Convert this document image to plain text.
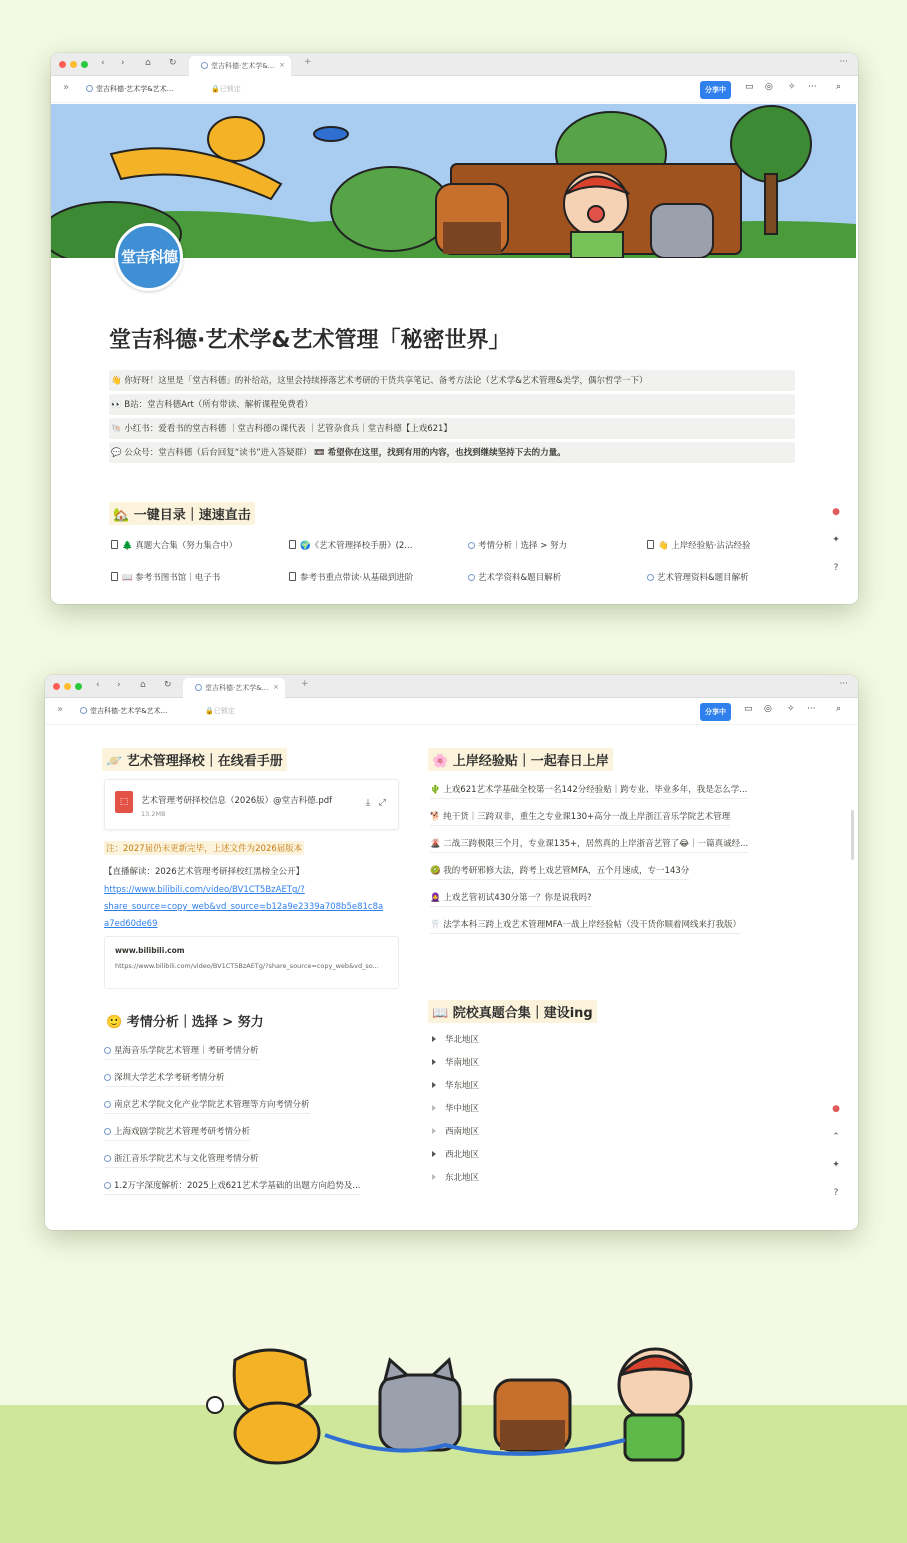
‹ › ⌂ ↻	堂吉科德·艺术学&... × +	···
»	堂吉科德·艺术学&艺术...	🔒已锁定	分享中	▭ ◎ ✧ ··· ⌕
堂吉科德
堂吉科德·艺术学&艺术管理「秘密世界」
👋 你好呀！这里是「堂吉科德」的补给站，这里会持续捧落艺术考研的干货共享笔记、备考方法论（艺术学&艺术管理&美学，偶尔哲学一下）
👀 B站：堂吉科德Art（所有带读、解析课程免费看）
🐚 小红书：爱看书的堂吉科德 ｜堂吉科德の课代表 ｜艺管杂食兵｜堂吉科德【上戏621】
💬 公众号：堂吉科德（后台回复“读书”进入答疑群） 📼 希望你在这里，找到有用的内容，也找到继续坚持下去的力量。
🏡 一键目录｜速速直击
🌲 真题大合集（努力集合中）	🌍《艺术管理择校手册》(2...	考情分析｜选择 > 努力	👋 上岸经验贴·沾沾经验
📖 参考书图书馆｜电子书	参考书重点带读·从基础到进阶	艺术学资料&题目解析	艺术管理资料&题目解析
●
✦
?
‹ › ⌂ ↻	堂吉科德·艺术学&... × +	···
»	堂吉科德·艺术学&艺术...	🔒已锁定	分享中	▭ ◎ ✧ ··· ⌕
🪐 艺术管理择校｜在线看手册
⬚	艺术管理考研择校信息（2026版）@堂吉科德.pdf
13.2MB
⤓ ⤢
注：2027届仍未更新完毕，上述文件为2026届版本
【直播解读：2026艺术管理考研择校红黑榜全公开】
https://www.bilibili.com/video/BV1CT5BzAETg/?
share_source=copy_web&vd_source=b12a9e2339a708b5e81c8a
a7ed60de69
www.bilibili.com
https://www.bilibili.com/video/BV1CT5BzAETg/?share_source=copy_web&vd_so...
🙂 考情分析｜选择 > 努力
星海音乐学院艺术管理｜考研考情分析
深圳大学艺术学考研考情分析
南京艺术学院文化产业学院艺术管理等方向考情分析
上海戏剧学院艺术管理考研考情分析
浙江音乐学院艺术与文化管理考情分析
1.2万字深度解析：2025上戏621艺术学基础的出题方向趋势及...
🌸 上岸经验贴｜一起春日上岸
🌵 上戏621艺术学基础全校第一名142分经验贴｜跨专业、毕业多年，我是怎么学...
🐕 纯干货｜三跨双非，重生之专业课130+高分一战上岸浙江音乐学院艺术管理
🌋 二战三跨极限三个月，专业课135+，居然真的上岸浙音艺管了😂｜一篇真诚经...
🥝 我的考研邪修大法，跨考上戏艺管MFA，五个月速成，专一143分
🧕 上戏艺管初试430分第一？你是说我吗?
🦷 法学本科三跨上戏艺术管理MFA一战上岸经验帖（没干货你顺着网线来打我版）
📖 院校真题合集｜建设ing
华北地区
华南地区
华东地区
华中地区
西南地区
西北地区
东北地区
●
⌃
✦
?
